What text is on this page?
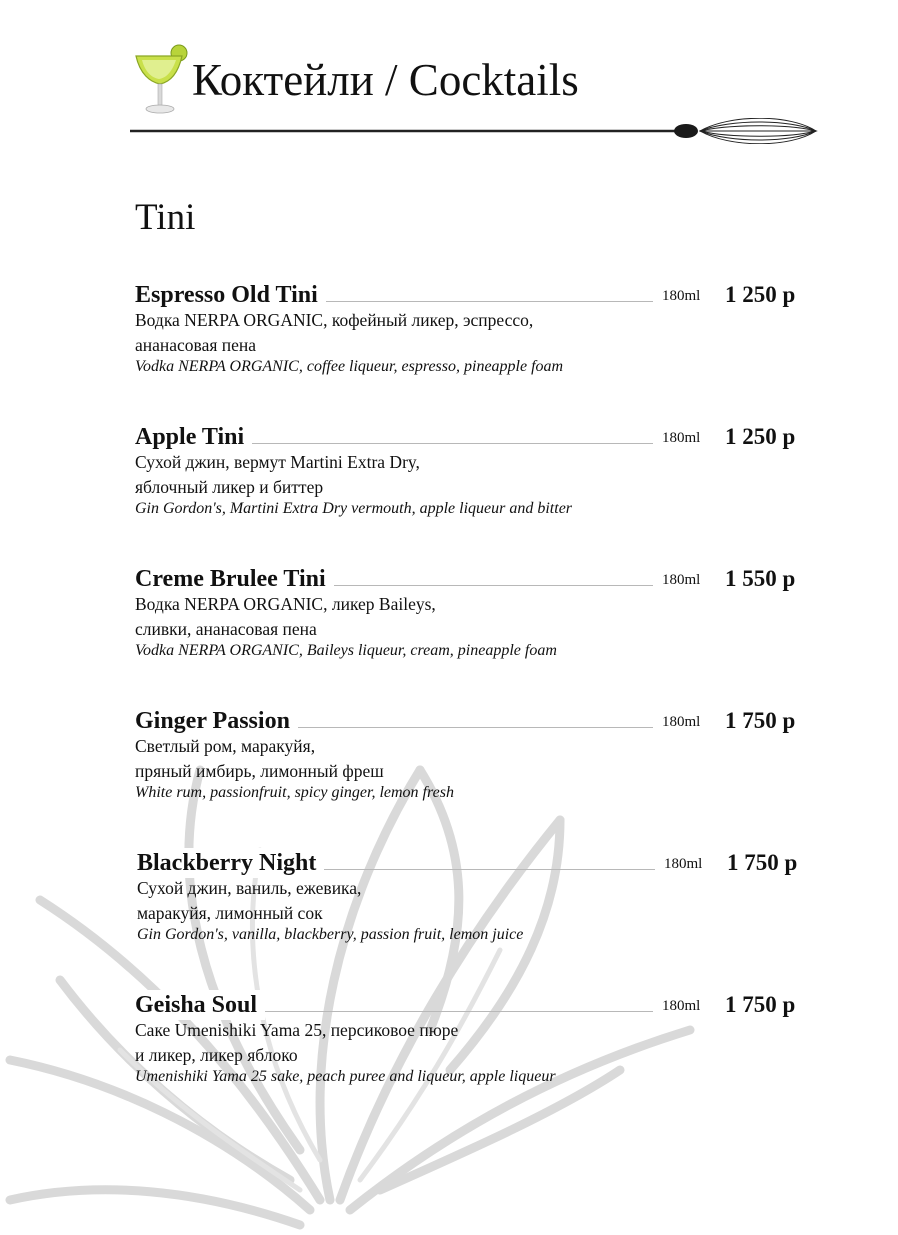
Коктейли / Cocktails
Tini
Espresso Old Tini	180ml 1 250 р
Водка NERPA ORGANIC, кофейный ликер, эспрессо,
ананасовая пена
Vodka NERPA ORGANIC, coffee liqueur, espresso, pineapple foam
Apple Tini	180ml 1 250 р
Сухой джин, вермут Martini Extra Dry,
яблочный ликер и биттер
Gin Gordon's, Martini Extra Dry vermouth, apple liqueur and bitter
Creme Brulee Tini	180ml 1 550 р
Водка NERPA ORGANIC, ликер Baileys,
сливки, ананасовая пена
Vodka NERPA ORGANIC, Baileys liqueur, cream, pineapple foam
Ginger Passion	180ml 1 750 р
Светлый ром, маракуйя,
пряный имбирь, лимонный фреш
White rum, passionfruit, spicy ginger, lemon fresh
Blackberry Night	180ml 1 750 р
Сухой джин, ваниль, ежевика,
маракуйя, лимонный сок
Gin Gordon's, vanilla, blackberry, passion fruit, lemon juice
Geisha Soul	180ml 1 750 р
Саке Umenishiki Yama 25, персиковое пюре
и ликер, ликер яблоко
Umenishiki Yama 25 sake, peach puree and liqueur, apple liqueur
